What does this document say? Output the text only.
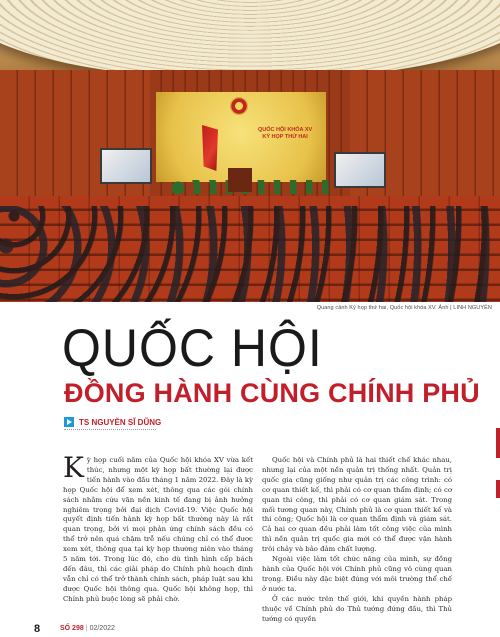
QUỐC HỘI KHÓA XV
KỲ HỌP THỨ HAI
Quang cảnh Kỳ họp thứ hai, Quốc hội khóa XV. Ảnh | LINH NGUYÊN
QUỐC HỘI
ĐỒNG HÀNH CÙNG CHÍNH PHỦ
TS NGUYỄN SĨ DŨNG

Kỳ họp cuối năm của Quốc hội khóa XV vừa kết thúc, nhưng một kỳ họp bất thường lại được tiến hành vào đầu tháng 1 năm 2022. Đây là kỳ họp Quốc hội để xem xét, thông qua các gói chính sách nhằm cứu vãn nền kinh tế đang bị ảnh hưởng nghiêm trọng bởi đại dịch Covid-19. Việc Quốc hội quyết định tiến hành kỳ họp bất thường này là rất quan trọng, bởi vì mọi phản ứng chính sách đều có thể trở nên quá chậm trễ nếu chúng chỉ có thể được xem xét, thông qua tại kỳ họp thường niên vào tháng 5 năm tới. Trong lúc đó, cho dù tình hình cấp bách đến đâu, thì các giải pháp do Chính phủ hoạch định vẫn chỉ có thể trở thành chính sách, pháp luật sau khi được Quốc hội thông qua. Quốc hội không họp, thì Chính phủ buộc lòng sẽ phải chờ.

Quốc hội và Chính phủ là hai thiết chế khác nhau, nhưng lại của một nền quản trị thống nhất. Quản trị quốc gia cũng giống như quản trị các công trình: có cơ quan thiết kế, thì phải có cơ quan thẩm định; có cơ quan thi công, thì phải có cơ quan giám sát. Trong mối tương quan này, Chính phủ là cơ quan thiết kế và thi công; Quốc hội là cơ quan thẩm định và giám sát. Cả hai cơ quan đều phải làm tốt công việc của mình thì nền quản trị quốc gia mới có thể được vận hành trôi chảy và bảo đảm chất lượng.

Ngoài việc làm tốt chức năng của mình, sự đồng hành của Quốc hội với Chính phủ cũng vô cùng quan trọng. Điều này đặc biệt đúng với môi trường thể chế ở nước ta.

Ở các nước trên thế giới, khi quyền hành pháp thuộc về Chính phủ do Thủ tướng đứng đầu, thì Thủ tướng có quyền

8	SỐ 298 | 02/2022
